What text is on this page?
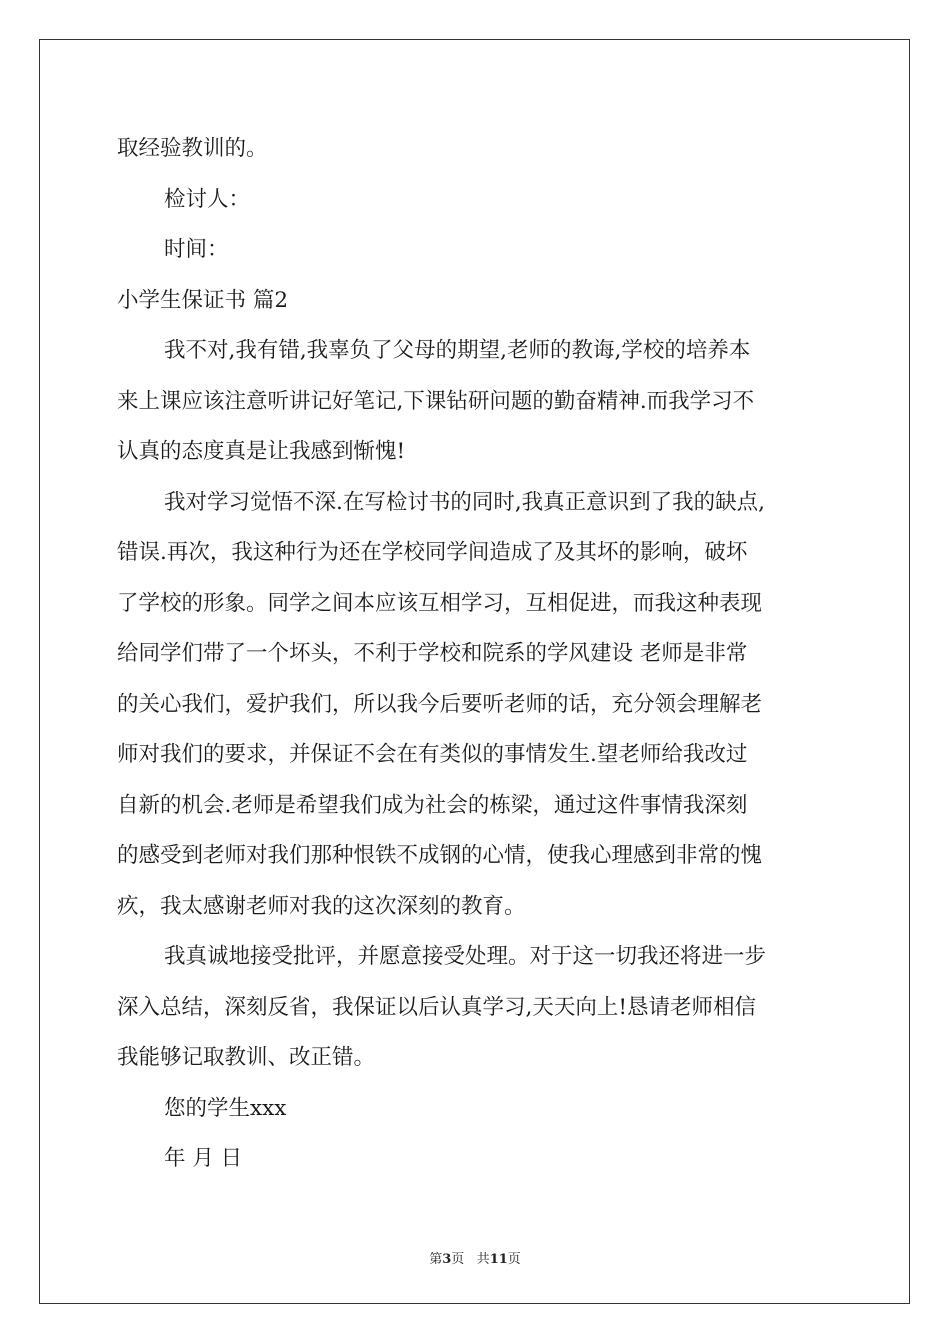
取经验教训的。
检讨人：
时间：
小学生保证书 篇2
我不对,我有错,我辜负了父母的期望,老师的教诲,学校的培养本
来上课应该注意听讲记好笔记,下课钻研问题的勤奋精神.而我学习不
认真的态度真是让我感到惭愧!
我对学习觉悟不深.在写检讨书的同时,我真正意识到了我的缺点,
错误.再次，我这种行为还在学校同学间造成了及其坏的影响，破坏
了学校的形象。同学之间本应该互相学习，互相促进，而我这种表现
给同学们带了一个坏头，不利于学校和院系的学风建设 老师是非常
的关心我们，爱护我们，所以我今后要听老师的话，充分领会理解老
师对我们的要求，并保证不会在有类似的事情发生.望老师给我改过
自新的机会.老师是希望我们成为社会的栋梁，通过这件事情我深刻
的感受到老师对我们那种恨铁不成钢的心情，使我心理感到非常的愧
疚，我太感谢老师对我的这次深刻的教育。
我真诚地接受批评，并愿意接受处理。对于这一切我还将进一步
深入总结，深刻反省，我保证以后认真学习,天天向上!恳请老师相信
我能够记取教训、改正错。
您的学生xxx
年 月 日
第3页 共11页
